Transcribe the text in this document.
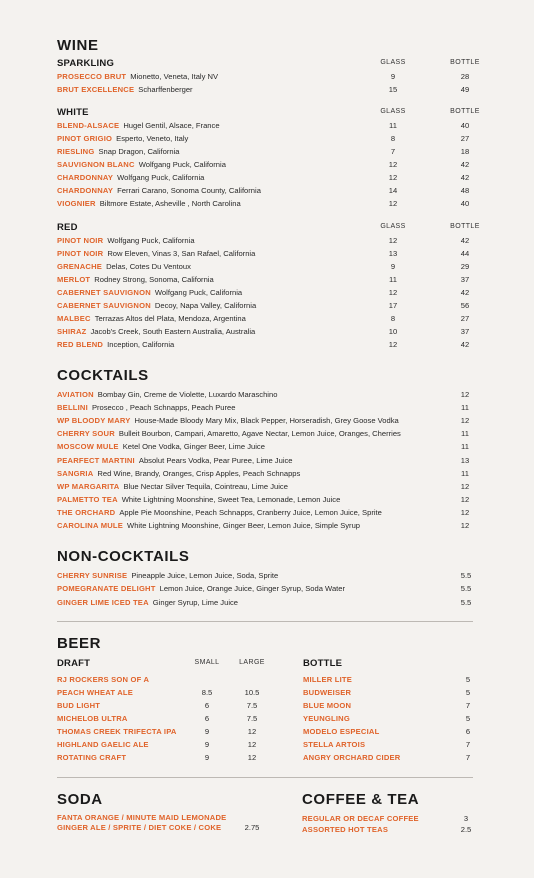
WINE
SPARKLING	GLASS	BOTTLE
PROSECCO BRUT Mionetto, Veneta, Italy NV	9	28
BRUT EXCELLENCE Scharffenberger	15	49
WHITE	GLASS	BOTTLE
BLEND-ALSACE Hugel Gentil, Alsace, France	11	40
PINOT GRIGIO Esperto, Veneto, Italy	8	27
RIESLING Snap Dragon, California	7	18
SAUVIGNON BLANC Wolfgang Puck, California	12	42
CHARDONNAY Wolfgang Puck, California	12	42
CHARDONNAY Ferrari Carano, Sonoma County, California	14	48
VIOGNIER Biltmore Estate, Asheville , North Carolina	12	40
RED	GLASS	BOTTLE
PINOT NOIR Wolfgang Puck, California	12	42
PINOT NOIR Row Eleven, Vinas 3, San Rafael, California	13	44
GRENACHE Delas, Cotes Du Ventoux	9	29
MERLOT Rodney Strong, Sonoma, California	11	37
CABERNET SAUVIGNON Wolfgang Puck, California	12	42
CABERNET SAUVIGNON Decoy, Napa Valley, California	17	56
MALBEC Terrazas Altos del Plata, Mendoza, Argentina	8	27
SHIRAZ Jacob's Creek, South Eastern Australia, Australia	10	37
RED BLEND Inception, California	12	42
COCKTAILS
AVIATION Bombay Gin, Creme de Violette, Luxardo Maraschino	12
BELLINI Prosecco , Peach Schnapps, Peach Puree	11
WP BLOODY MARY House-Made Bloody Mary Mix, Black Pepper, Horseradish, Grey Goose Vodka	12
CHERRY SOUR Bulleit Bourbon, Campari, Amaretto, Agave Nectar, Lemon Juice, Oranges, Cherries	11
MOSCOW MULE Ketel One Vodka, Ginger Beer, Lime Juice	11
PEARFECT MARTINI Absolut Pears Vodka, Pear Puree, Lime Juice	13
SANGRIA Red Wine, Brandy, Oranges, Crisp Apples, Peach Schnapps	11
WP MARGARITA Blue Nectar Silver Tequila, Cointreau, Lime Juice	12
PALMETTO TEA White Lightning Moonshine, Sweet Tea, Lemonade, Lemon Juice	12
THE ORCHARD Apple Pie Moonshine, Peach Schnapps, Cranberry Juice, Lemon Juice, Sprite	12
CAROLINA MULE White Lightning Moonshine, Ginger Beer, Lemon Juice, Simple Syrup	12
NON-COCKTAILS
CHERRY SUNRISE Pineapple Juice, Lemon Juice, Soda, Sprite	5.5
POMEGRANATE DELIGHT Lemon Juice, Orange Juice, Ginger Syrup, Soda Water	5.5
GINGER LIME ICED TEA Ginger Syrup, Lime Juice	5.5
BEER
DRAFT	SMALL	LARGE	BOTTLE
RJ ROCKERS SON OF A
PEACH WHEAT ALE	8.5	10.5
BUD LIGHT	6	7.5
MICHELOB ULTRA	6	7.5
THOMAS CREEK TRIFECTA IPA	9	12
HIGHLAND GAELIC ALE	9	12
ROTATING CRAFT	9	12
MILLER LITE	5
BUDWEISER	5
BLUE MOON	7
YEUNGLING	5
MODELO ESPECIAL	6
STELLA ARTOIS	7
ANGRY ORCHARD CIDER	7
SODA
FANTA ORANGE / MINUTE MAID LEMONADE
GINGER ALE / SPRITE / DIET COKE / COKE	2.75
COFFEE & TEA
REGULAR OR DECAF COFFEE	3
ASSORTED HOT TEAS	2.5
